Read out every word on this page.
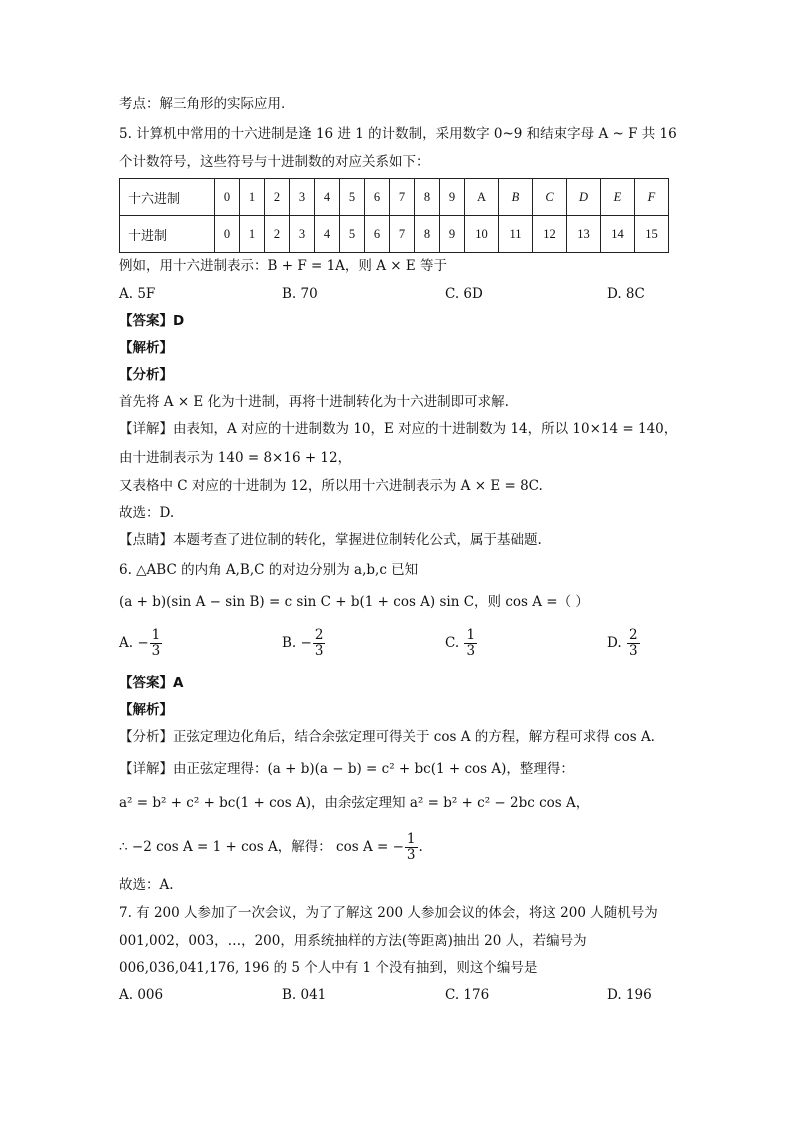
考点：解三角形的实际应用.
5. 计算机中常用的十六进制是逢 16 进 1 的计数制，采用数字 0~9 和结束字母 A ~ F 共 16
个计数符号，这些符号与十进制数的对应关系如下：
十六进制	0	1	2	3	4	5	6	7	8	9	A	B	C	D	E	F
十进制	0	1	2	3	4	5	6	7	8	9	10	11	12	13	14	15
例如，用十六进制表示：B + F = 1A，则 A × E 等于
A. 5F	B. 70	C. 6D	D. 8C
【答案】D
【解析】
【分析】
首先将 A × E 化为十进制，再将十进制转化为十六进制即可求解.
【详解】由表知，A 对应的十进制数为 10，E 对应的十进制数为 14，所以 10×14 = 140，
由十进制表示为 140 = 8×16 + 12，
又表格中 C 对应的十进制为 12，所以用十六进制表示为 A × E = 8C.
故选：D.
【点睛】本题考查了进位制的转化，掌握进位制转化公式，属于基础题.
6. △ABC 的内角 A,B,C 的对边分别为 a,b,c 已知
(a + b)(sin A − sin B) = c sin C + b(1 + cos A) sin C，则 cos A =（ ）
A. − $\frac{1}{3}$	B. − $\frac{2}{3}$	C. $\frac{1}{3}$	D. $\frac{2}{3}$
【答案】A
【解析】
【分析】正弦定理边化角后，结合余弦定理可得关于 cos A 的方程，解方程可求得 cos A.
【详解】由正弦定理得：(a + b)(a − b) = c² + bc(1 + cos A)，整理得：
a² = b² + c² + bc(1 + cos A)，由余弦定理知 a² = b² + c² − 2bc cos A，
∴ −2 cos A = 1 + cos A，解得： cos A = − $\frac{1}{3}$ .
故选：A.
7. 有 200 人参加了一次会议，为了了解这 200 人参加会议的体会，将这 200 人随机号为
001,002，003，…，200，用系统抽样的方法(等距离)抽出 20 人，若编号为
006,036,041,176, 196 的 5 个人中有 1 个没有抽到，则这个编号是
A. 006	B. 041	C. 176	D. 196
